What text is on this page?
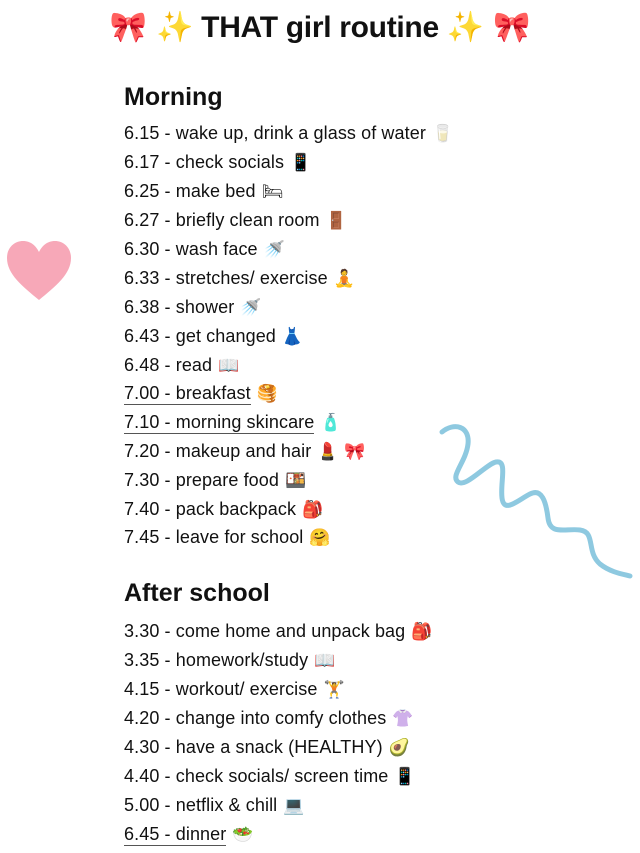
🎀 ✨ THAT girl routine ✨ 🎀
Morning
6.15 - wake up, drink a glass of water 🥛
6.17 - check socials 📱
6.25 - make bed 🛏
6.27 - briefly clean room 🚪
6.30 - wash face 🚿
6.33 - stretches/ exercise 🧘
6.38 - shower 🚿
6.43 - get changed 👗
6.48 - read 📖
7.00 - breakfast 🥞
7.10 - morning skincare 🧴
7.20 - makeup and hair 💄 🎀
7.30 - prepare food 🍱
7.40 - pack backpack 🎒
7.45 - leave for school 🤗
After school
3.30 - come home and unpack bag 🎒
3.35 - homework/study 📖
4.15 - workout/ exercise 🏋
4.20 - change into comfy clothes 👚
4.30 - have a snack (HEALTHY) 🥑
4.40 - check socials/ screen time 📱
5.00 - netflix & chill 💻
6.45 - dinner 🥗
